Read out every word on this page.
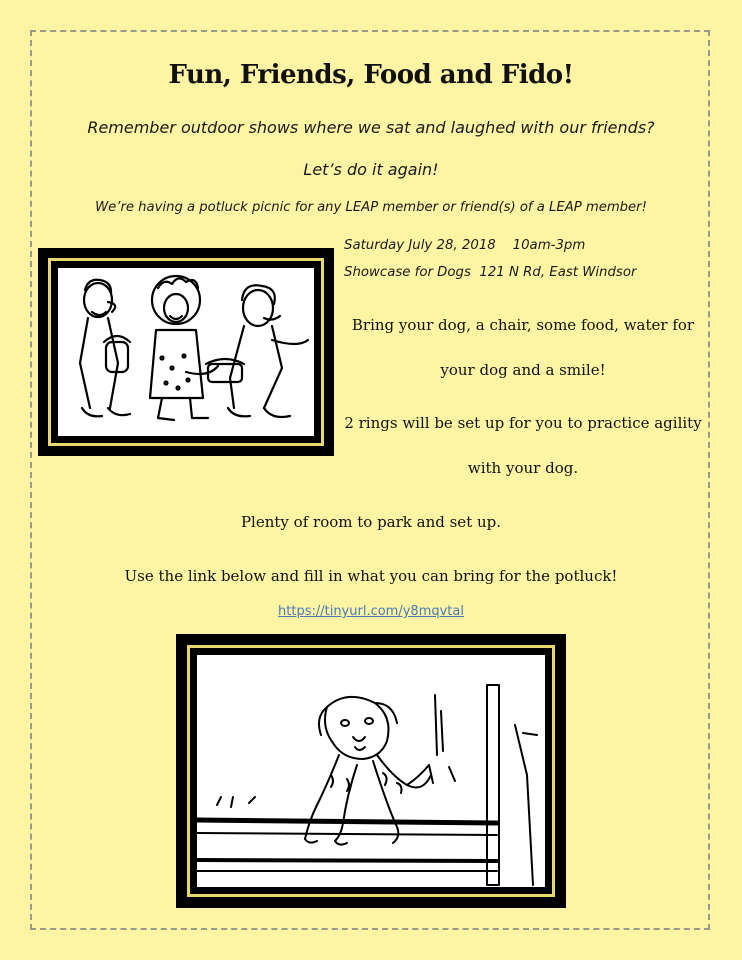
Fun, Friends, Food and Fido!
Remember outdoor shows where we sat and laughed with our friends?
Let’s do it again!
We’re having a potluck picnic for any LEAP member or friend(s) of a LEAP member!
Saturday July 28, 2018    10am-3pm
Showcase for Dogs  121 N Rd, East Windsor
Bring your dog, a chair, some food, water for
your dog and a smile!
2 rings will be set up for you to practice agility
with your dog.
Plenty of room to park and set up.
Use the link below and fill in what you can bring for the potluck!
https://tinyurl.com/y8mqvtal
